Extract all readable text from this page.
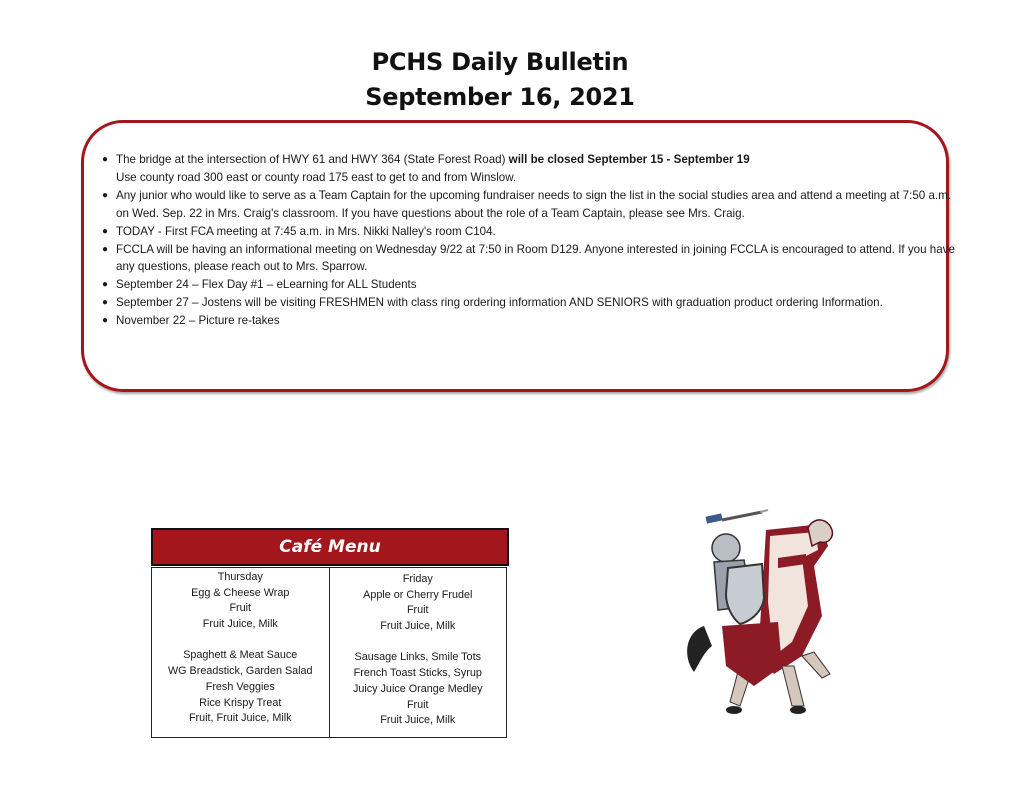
PCHS Daily Bulletin
September 16, 2021
● The bridge at the intersection of HWY 61 and HWY 364 (State Forest Road) will be closed September 15 - September 19
Use county road 300 east or county road 175 east to get to and from Winslow.
● Any junior who would like to serve as a Team Captain for the upcoming fundraiser needs to sign the list in the social studies area and attend a meeting at 7:50 a.m. on Wed. Sep. 22 in Mrs. Craig's classroom. If you have questions about the role of a Team Captain, please see Mrs. Craig.
● TODAY - First FCA meeting at 7:45 a.m. in Mrs. Nikki Nalley's room C104.
● FCCLA will be having an informational meeting on Wednesday 9/22 at 7:50 in Room D129. Anyone interested in joining FCCLA is encouraged to attend. If you have any questions, please reach out to Mrs. Sparrow.
● September 24 – Flex Day #1 – eLearning for ALL Students
● September 27 – Jostens will be visiting FRESHMEN with class ring ordering information AND SENIORS with graduation product ordering Information.
● November 22 – Picture re-takes
Café Menu
Thursday
Egg & Cheese Wrap
Fruit
Fruit Juice, Milk
Spaghett & Meat Sauce
WG Breadstick, Garden Salad
Fresh Veggies
Rice Krispy Treat
Fruit, Fruit Juice, Milk
Friday
Apple or Cherry Frudel
Fruit
Fruit Juice, Milk
Sausage Links, Smile Tots
French Toast Sticks, Syrup
Juicy Juice Orange Medley
Fruit
Fruit Juice, Milk
